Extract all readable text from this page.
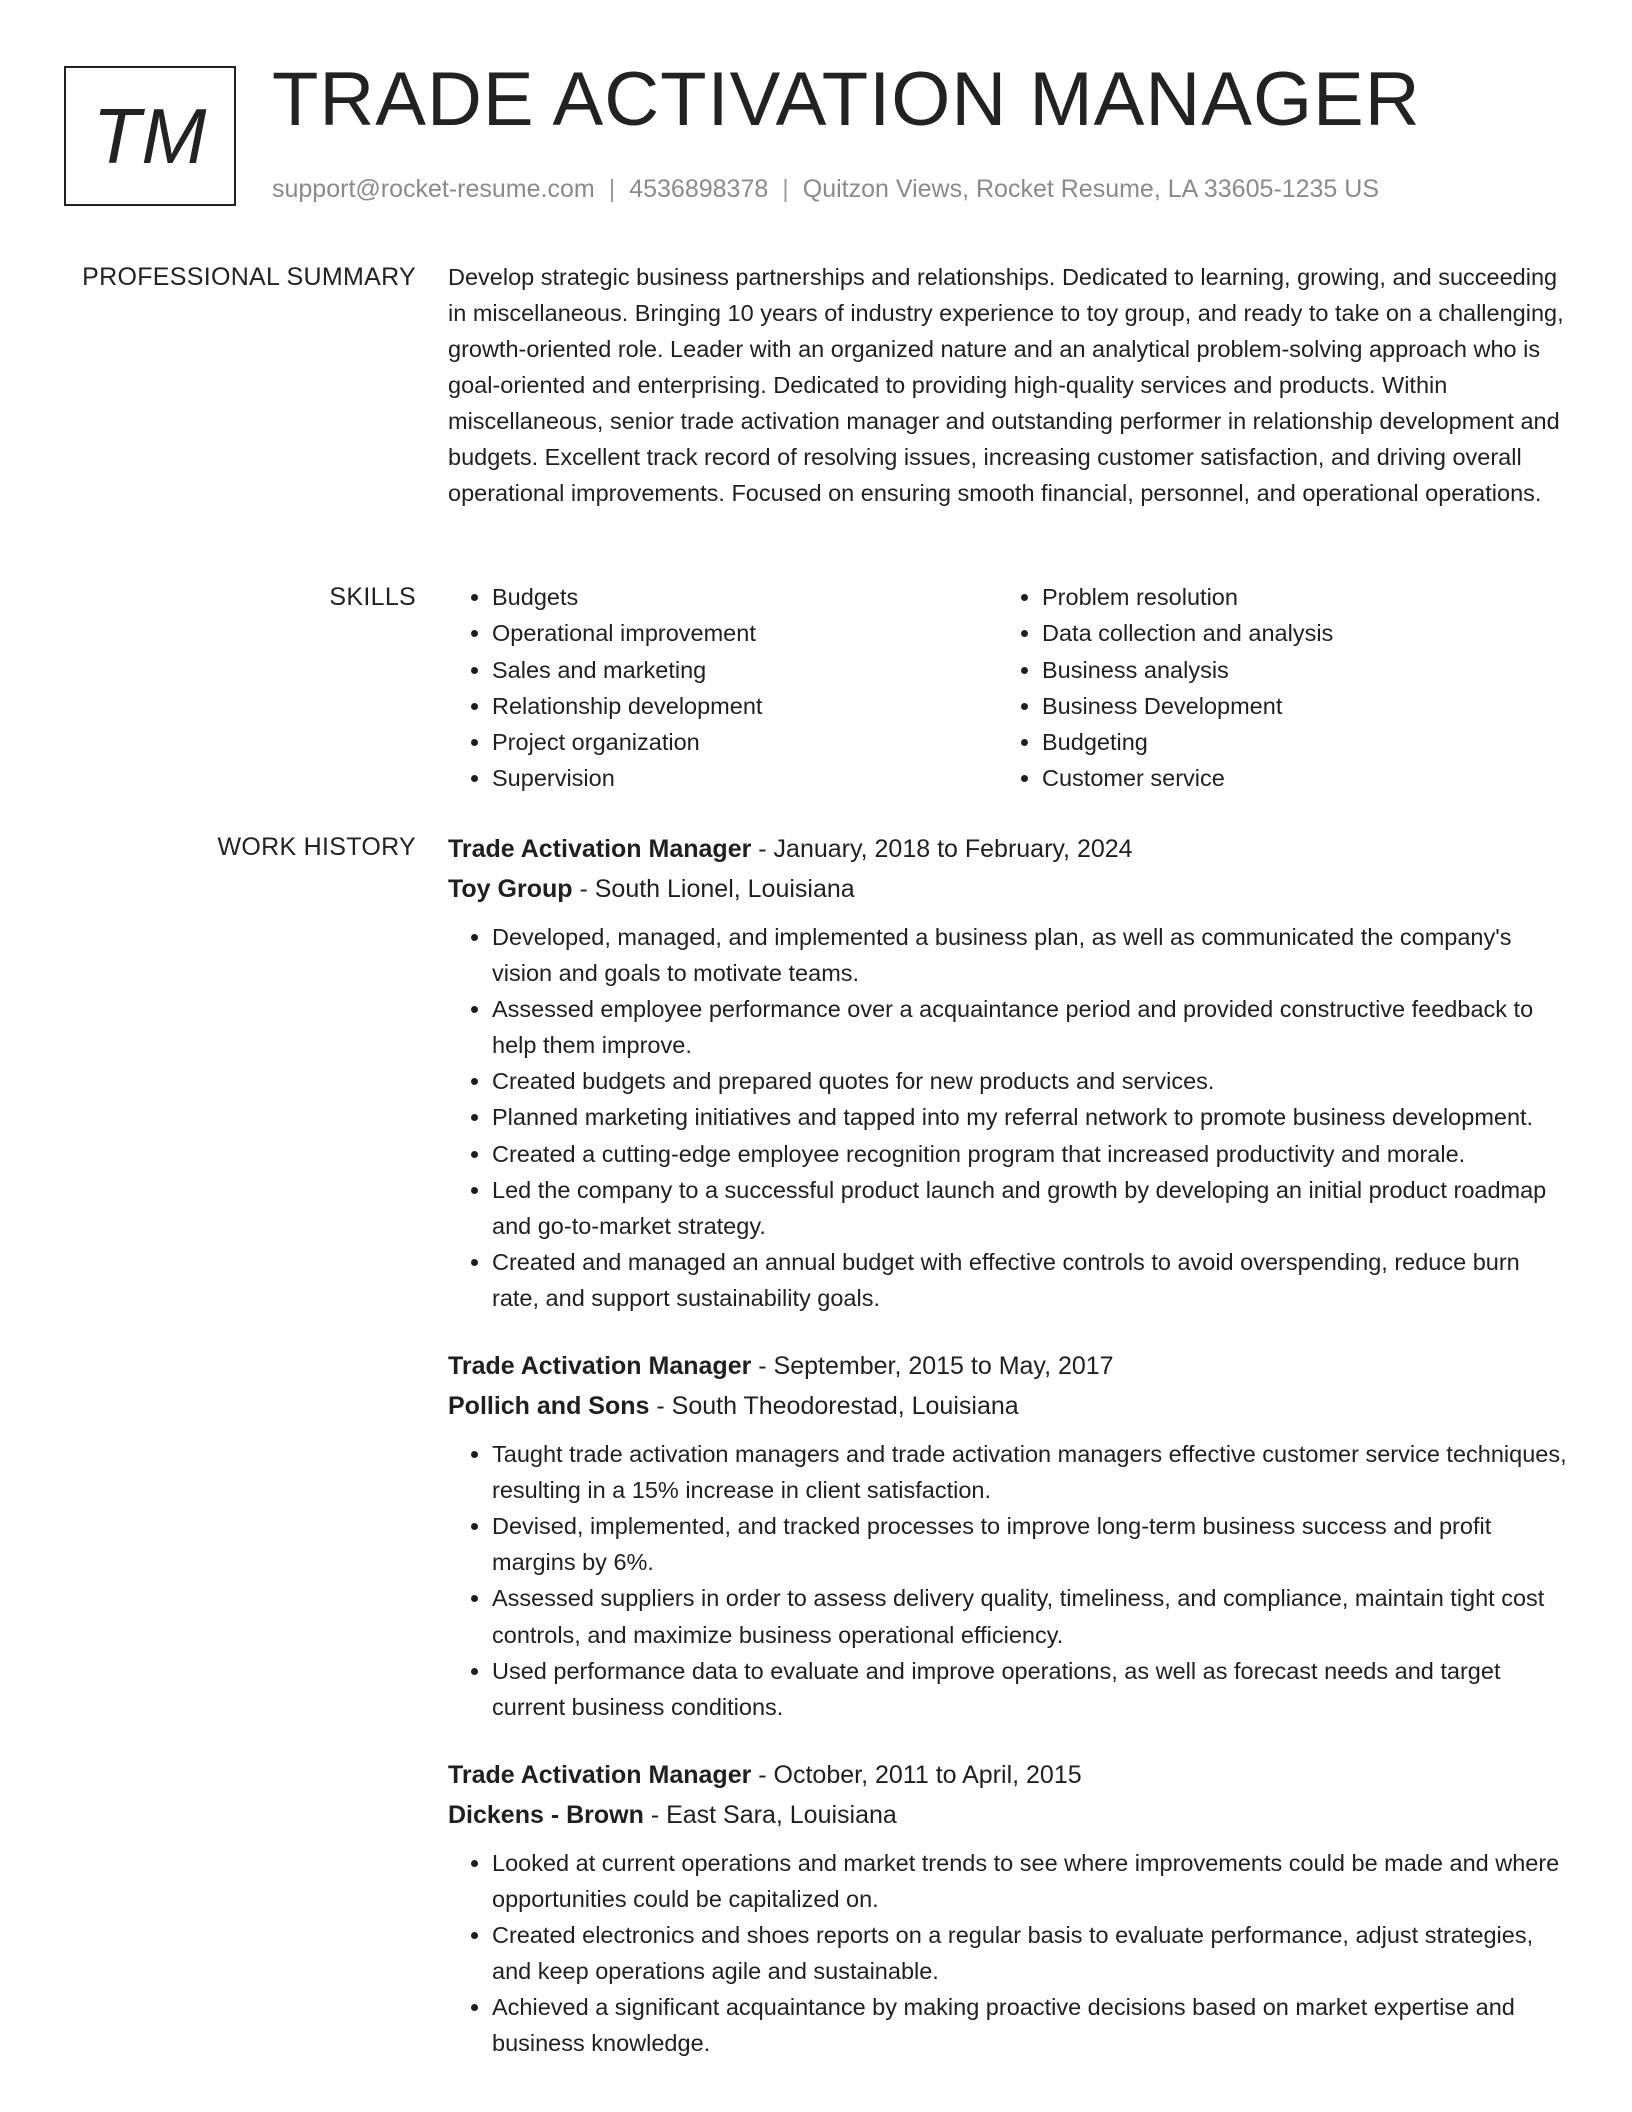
TM TRADE ACTIVATION MANAGER
support@rocket-resume.com | 4536898378 | Quitzon Views, Rocket Resume, LA 33605-1235 US
PROFESSIONAL SUMMARY Develop strategic business partnerships and relationships. Dedicated to learning, growing, and succeeding in miscellaneous. Bringing 10 years of industry experience to toy group, and ready to take on a challenging, growth-oriented role. Leader with an organized nature and an analytical problem-solving approach who is goal-oriented and enterprising. Dedicated to providing high-quality services and products. Within miscellaneous, senior trade activation manager and outstanding performer in relationship development and budgets. Excellent track record of resolving issues, increasing customer satisfaction, and driving overall operational improvements. Focused on ensuring smooth financial, personnel, and operational operations.

SKILLS
•	Budgets
• Operational improvement
• Sales and marketing
• Relationship development
• Project organization
• Supervision
• Problem resolution
• Data collection and analysis
• Business analysis
• Business Development
• Budgeting
• Customer service
WORK HISTORY Trade Activation Manager - January, 2018 to February, 2024
Toy Group - South Lionel, Louisiana
• Developed, managed, and implemented a business plan, as well as communicated the company's vision and goals to motivate teams.
• Assessed employee performance over a acquaintance period and provided constructive feedback to help them improve.
• Created budgets and prepared quotes for new products and services.
• Planned marketing initiatives and tapped into my referral network to promote business development.
• Created a cutting-edge employee recognition program that increased productivity and morale.
• Led the company to a successful product launch and growth by developing an initial product roadmap and go-to-market strategy.
• Created and managed an annual budget with effective controls to avoid overspending, reduce burn rate, and support sustainability goals.
Trade Activation Manager - September, 2015 to May, 2017
Pollich and Sons - South Theodorestad, Louisiana
• Taught trade activation managers and trade activation managers effective customer service techniques, resulting in a 15% increase in client satisfaction.
• Devised, implemented, and tracked processes to improve long-term business success and profit margins by 6%.
• Assessed suppliers in order to assess delivery quality, timeliness, and compliance, maintain tight cost controls, and maximize business operational efficiency.
• Used performance data to evaluate and improve operations, as well as forecast needs and target current business conditions.
Trade Activation Manager - October, 2011 to April, 2015
Dickens - Brown - East Sara, Louisiana
• Looked at current operations and market trends to see where improvements could be made and where opportunities could be capitalized on.
• Created electronics and shoes reports on a regular basis to evaluate performance, adjust strategies, and keep operations agile and sustainable.
• Achieved a significant acquaintance by making proactive decisions based on market expertise and business knowledge.
